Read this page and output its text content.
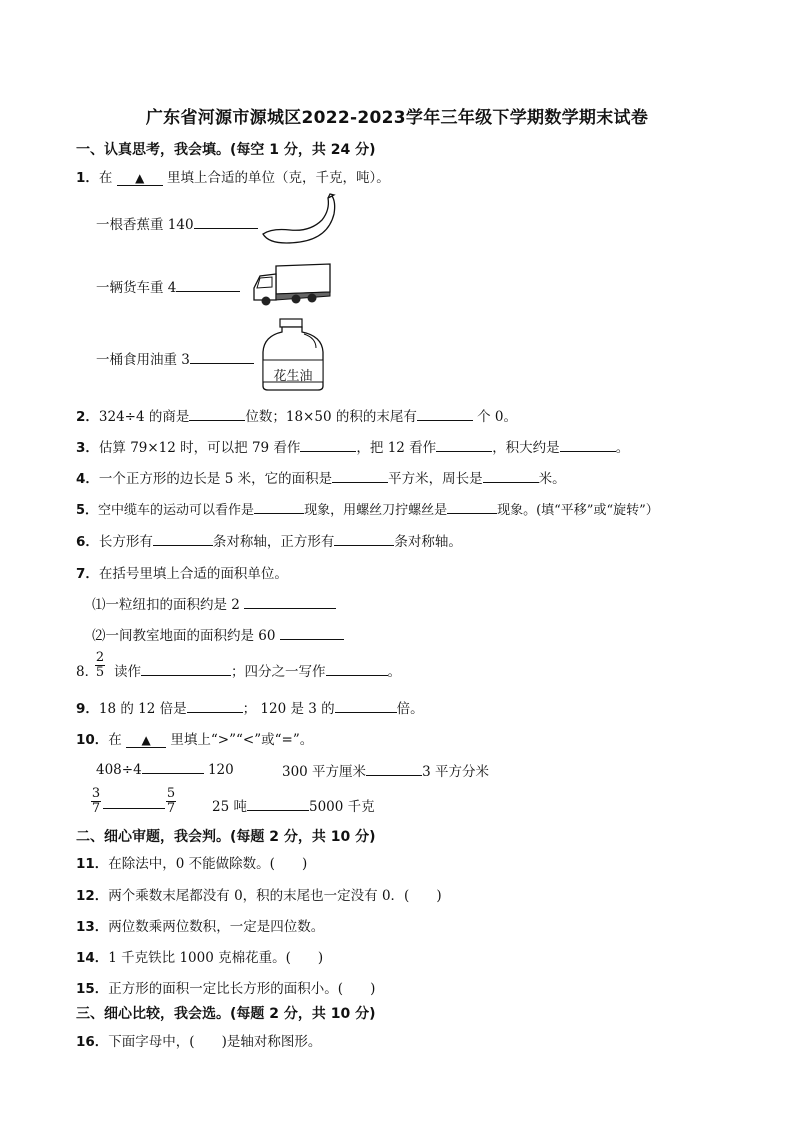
广东省河源市源城区2022-2023学年三年级下学期数学期末试卷
一、认真思考，我会填。(每空 1 分，共 24 分)
1．在 ▲ 里填上合适的单位（克，千克，吨）。
一根香蕉重 140
一辆货车重 4
一桶食用油重 3
花生油
2．324÷4 的商是	位数；18×50 的积的末尾有	个 0。
3．估算 79×12 时，可以把 79 看作	，把 12 看作	，积大约是	。
4．一个正方形的边长是 5 米，它的面积是	平方米，周长是	米。
5．空中缆车的运动可以看作是	现象，用螺丝刀拧螺丝是	现象。(填“平移”或“旋转”）
6．长方形有	条对称轴，正方形有	条对称轴。
7．在括号里填上合适的面积单位。
⑴一粒纽扣的面积约是 2
⑵一间教室地面的面积约是 60
8．
$\frac{2}{5}$ 读作	；四分之一写作	。
9．18 的 12 倍是	； 120 是 3 的	倍。
10．在 ▲ 里填上“>”“<”或“=”。
408÷4	120	300 平方厘米	3 平方分米
$\frac{3}{7}$	$\frac{5}{7}$	25 吨	5000 千克
二、细心审题，我会判。(每题 2 分，共 10 分)
11．在除法中，0 不能做除数。(　　)
12．两个乘数末尾都没有 0，积的末尾也一定没有 0．(　　)
13．两位数乘两位数积，一定是四位数。
14．1 千克铁比 1000 克棉花重。(　　)
15．正方形的面积一定比长方形的面积小。(　　)
三、细心比较，我会选。(每题 2 分，共 10 分)
16．下面字母中，(　　)是轴对称图形。
